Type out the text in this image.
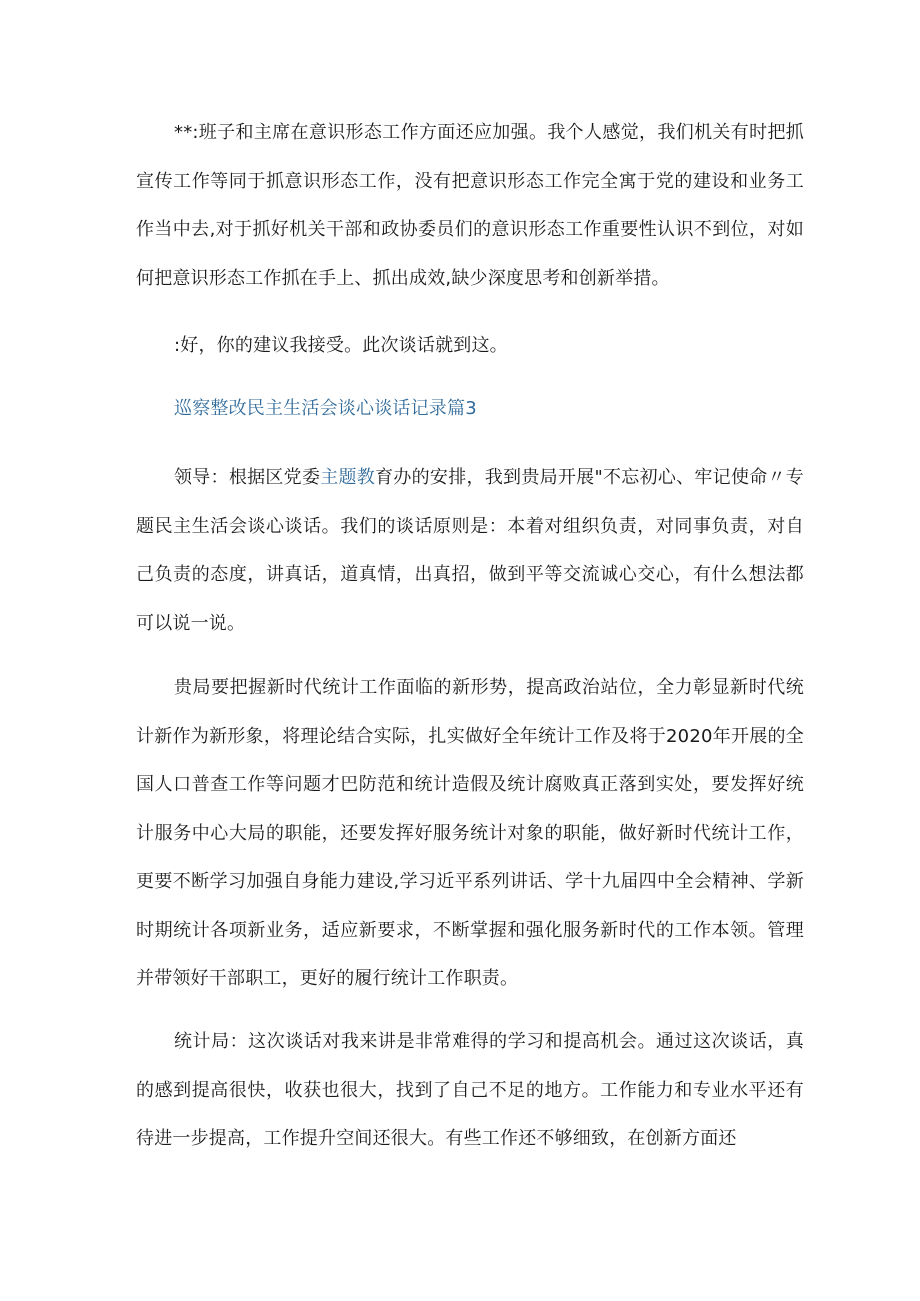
**:班子和主席在意识形态工作方面还应加强。我个人感觉，我们机关有时把抓宣传工作等同于抓意识形态工作，没有把意识形态工作完全寓于党的建设和业务工作当中去,对于抓好机关干部和政协委员们的意识形态工作重要性认识不到位，对如何把意识形态工作抓在手上、抓出成效,缺少深度思考和创新举措。

:好，你的建议我接受。此次谈话就到这。

巡察整改民主生活会谈心谈话记录篇3

领导：根据区党委主题教育办的安排，我到贵局开展"不忘初心、牢记使命〃专题民主生活会谈心谈话。我们的谈话原则是：本着对组织负责，对同事负责，对自己负责的态度，讲真话，道真情，出真招，做到平等交流诚心交心，有什么想法都可以说一说。

贵局要把握新时代统计工作面临的新形势，提高政治站位，全力彰显新时代统计新作为新形象，将理论结合实际，扎实做好全年统计工作及将于2020年开展的全国人口普查工作等问题才巴防范和统计造假及统计腐败真正落到实处，要发挥好统计服务中心大局的职能，还要发挥好服务统计对象的职能，做好新时代统计工作，更要不断学习加强自身能力建设,学习近平系列讲话、学十九届四中全会精神、学新时期统计各项新业务，适应新要求，不断掌握和强化服务新时代的工作本领。管理并带领好干部职工，更好的履行统计工作职责。

统计局：这次谈话对我来讲是非常难得的学习和提高机会。通过这次谈话，真的感到提高很快，收获也很大，找到了自己不足的地方。工作能力和专业水平还有待进一步提高，工作提升空间还很大。有些工作还不够细致，在创新方面还
